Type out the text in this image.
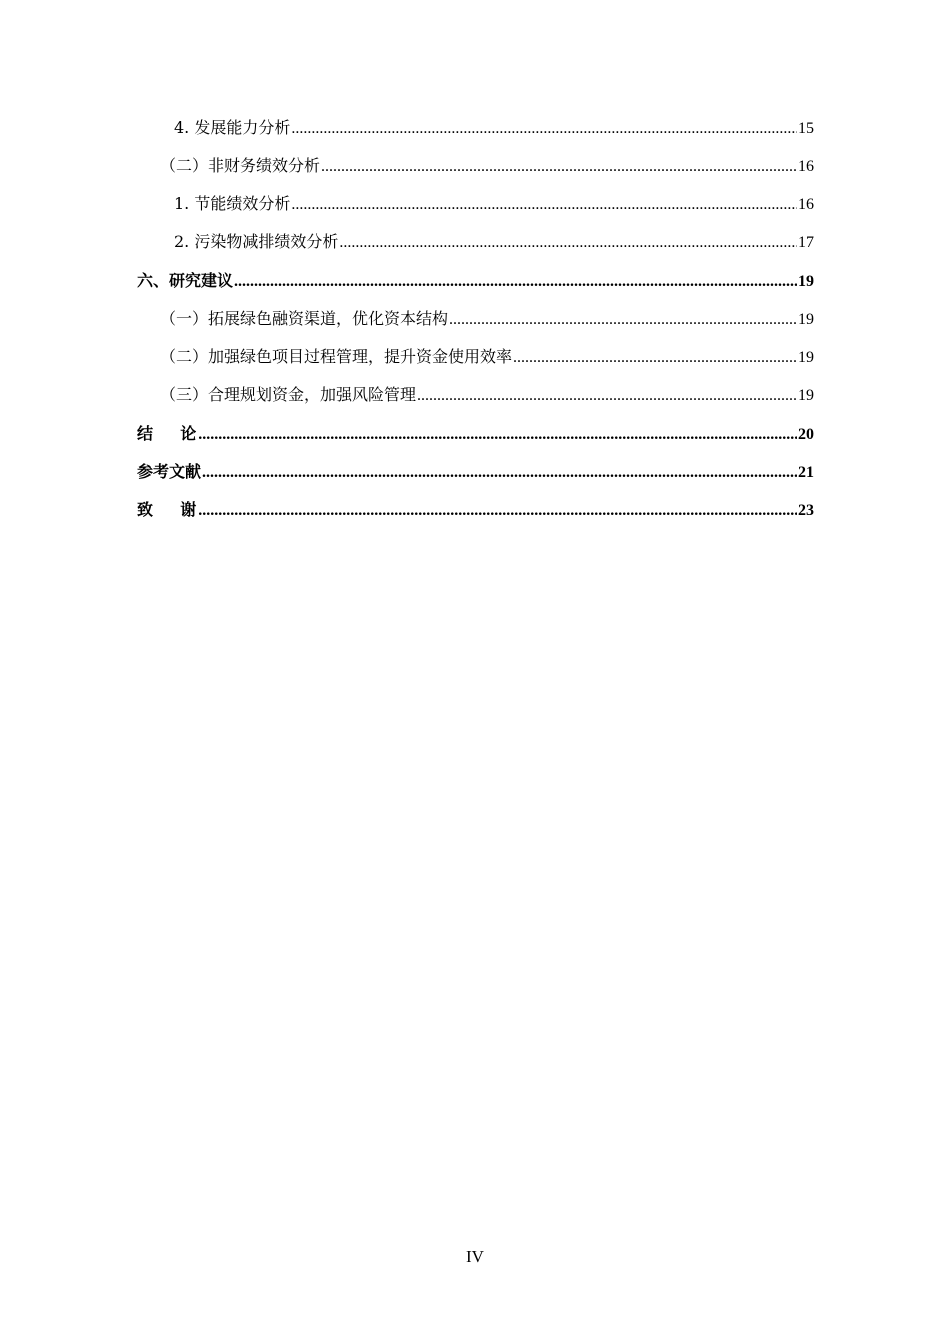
4. 发展能力分析 .....	15
（二）非财务绩效分析 .....	16
1. 节能绩效分析 .....	16
2. 污染物减排绩效分析 .....	17
六、研究建议 .....	19
（一）拓展绿色融资渠道，优化资本结构 .....	19
（二）加强绿色项目过程管理，提升资金使用效率 .....	19
（三）合理规划资金，加强风险管理 .....	19
结    论 .....	20
参考文献 .....	21
致    谢 .....	23
IV
